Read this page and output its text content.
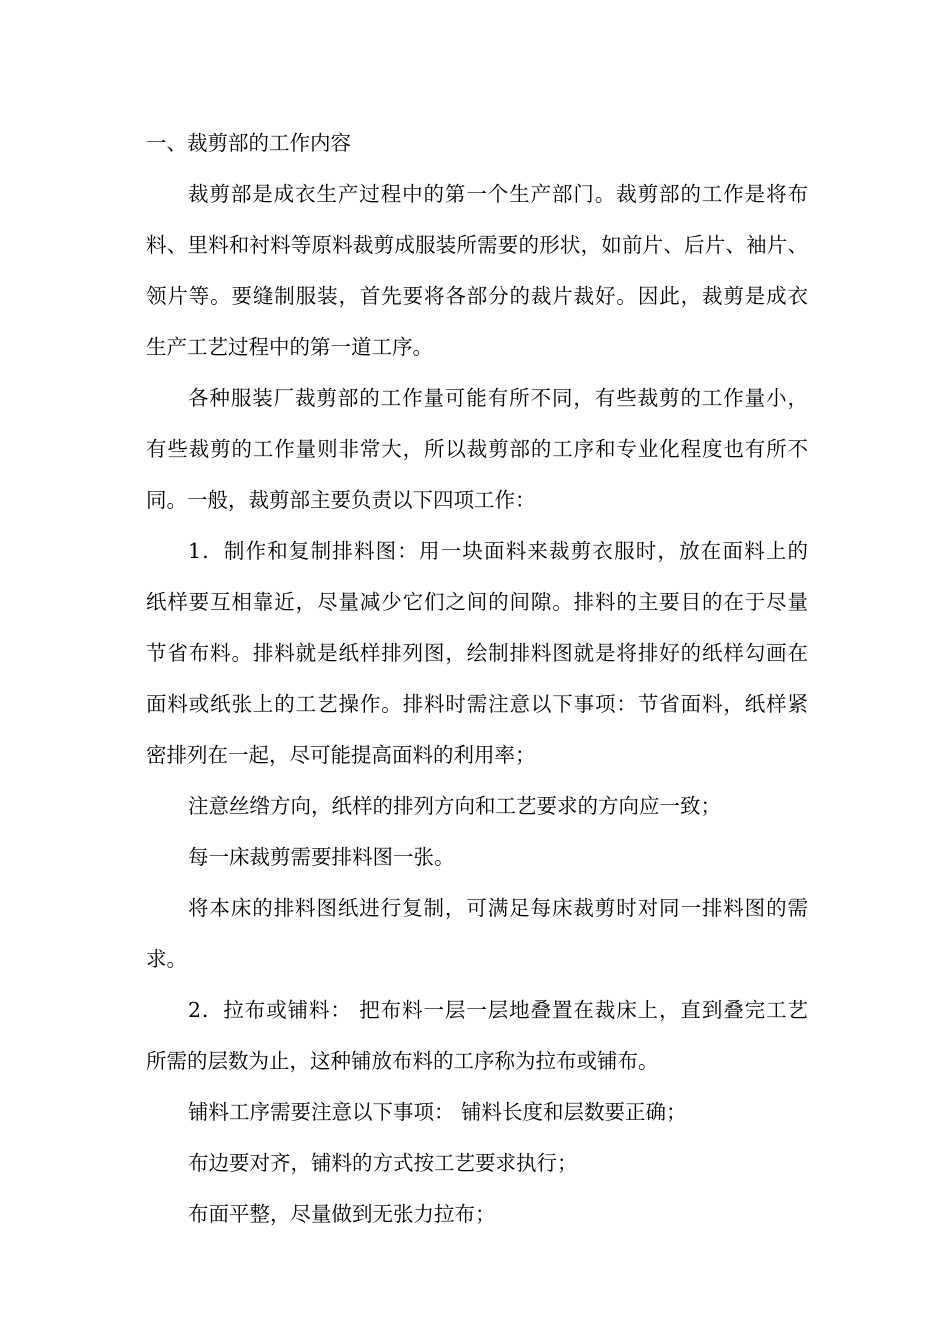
一、裁剪部的工作内容
裁剪部是成衣生产过程中的第一个生产部门。裁剪部的工作是将布
料、里料和衬料等原料裁剪成服装所需要的形状，如前片、后片、袖片、
领片等。要缝制服装，首先要将各部分的裁片裁好。因此，裁剪是成衣
生产工艺过程中的第一道工序。
各种服装厂裁剪部的工作量可能有所不同，有些裁剪的工作量小，
有些裁剪的工作量则非常大，所以裁剪部的工序和专业化程度也有所不
同。一般，裁剪部主要负责以下四项工作：
1．制作和复制排料图：用一块面料来裁剪衣服时，放在面料上的
纸样要互相靠近，尽量减少它们之间的间隙。排料的主要目的在于尽量
节省布料。排料就是纸样排列图，绘制排料图就是将排好的纸样勾画在
面料或纸张上的工艺操作。排料时需注意以下事项：节省面料，纸样紧
密排列在一起，尽可能提高面料的利用率；
注意丝绺方向，纸样的排列方向和工艺要求的方向应一致；
每一床裁剪需要排料图一张。
将本床的排料图纸进行复制，可满足每床裁剪时对同一排料图的需
求。
2．拉布或铺料： 把布料一层一层地叠置在裁床上，直到叠完工艺
所需的层数为止，这种铺放布料的工序称为拉布或铺布。
铺料工序需要注意以下事项： 铺料长度和层数要正确；
布边要对齐，铺料的方式按工艺要求执行；
布面平整，尽量做到无张力拉布；
